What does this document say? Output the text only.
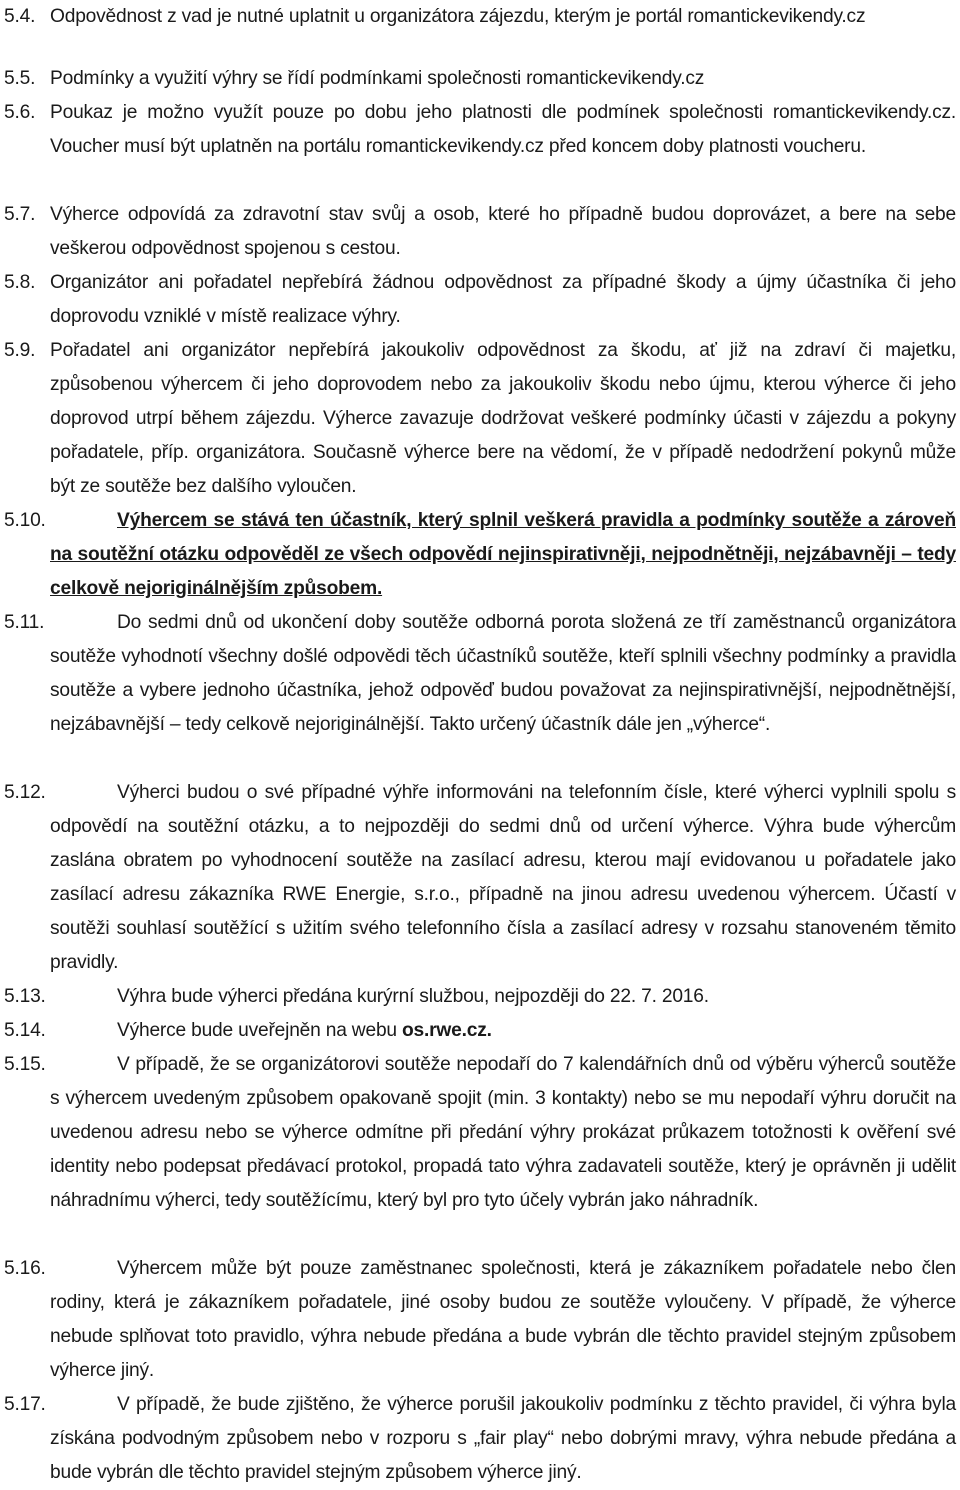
5.4. Odpovědnost z vad je nutné uplatnit u organizátora zájezdu, kterým je portál romantickevikendy.cz
5.5. Podmínky a využití výhry se řídí podmínkami společnosti romantickevikendy.cz
5.6. Poukaz je možno využít pouze po dobu jeho platnosti dle podmínek společnosti romantickevikendy.cz. Voucher musí být uplatněn na portálu romantickevikendy.cz před koncem doby platnosti voucheru.
5.7. Výherce odpovídá za zdravotní stav svůj a osob, které ho případně budou doprovázet, a bere na sebe veškerou odpovědnost spojenou s cestou.
5.8. Organizátor ani pořadatel nepřebírá žádnou odpovědnost za případné škody a újmy účastníka či jeho doprovodu vzniklé v místě realizace výhry.
5.9. Pořadatel ani organizátor nepřebírá jakoukoliv odpovědnost za škodu, ať již na zdraví či majetku, způsobenou výhercem či jeho doprovodem nebo za jakoukoliv škodu nebo újmu, kterou výherce či jeho doprovod utrpí během zájezdu. Výherce zavazuje dodržovat veškeré podmínky účasti v zájezdu a pokyny pořadatele, příp. organizátora. Současně výherce bere na vědomí, že v případě nedodržení pokynů může být ze soutěže bez dalšího vyloučen.
5.10.	Výhercem se stává ten účastník, který splnil veškerá pravidla a podmínky soutěže a zároveň na soutěžní otázku odpověděl ze všech odpovědí nejinspirativněji, nejpodnětněji, nejzábavněji – tedy celkově nejoriginálnějším způsobem.
5.11.	Do sedmi dnů od ukončení doby soutěže odborná porota složená ze tří zaměstnanců organizátora soutěže vyhodnotí všechny došlé odpovědi těch účastníků soutěže, kteří splnili všechny podmínky a pravidla soutěže a vybere jednoho účastníka, jehož odpověď budou považovat za nejinspirativnější, nejpodnětnější, nejzábavnější – tedy celkově nejoriginálnější. Takto určený účastník dále jen „výherce“.
5.12.	Výherci budou o své případné výhře informováni na telefonním čísle, které výherci vyplnili spolu s odpovědí na soutěžní otázku, a to nejpozději do sedmi dnů od určení výherce. Výhra bude výhercům zaslána obratem po vyhodnocení soutěže na zasílací adresu, kterou mají evidovanou u pořadatele jako zasílací adresu zákazníka RWE Energie, s.r.o., případně na jinou adresu uvedenou výhercem. Účastí v soutěži souhlasí soutěžící s užitím svého telefonního čísla a zasílací adresy v rozsahu stanoveném těmito pravidly.
5.13.	Výhra bude výherci předána kurýrní službou, nejpozději do 22. 7. 2016.
5.14.	Výherce bude uveřejněn na webu os.rwe.cz.
5.15.	V případě, že se organizátorovi soutěže nepodaří do 7 kalendářních dnů od výběru výherců soutěže s výhercem uvedeným způsobem opakovaně spojit (min. 3 kontakty) nebo se mu nepodaří výhru doručit na uvedenou adresu nebo se výherce odmítne při předání výhry prokázat průkazem totožnosti k ověření své identity nebo podepsat předávací protokol, propadá tato výhra zadavateli soutěže, který je oprávněn ji udělit náhradnímu výherci, tedy soutěžícímu, který byl pro tyto účely vybrán jako náhradník.
5.16.	Výhercem může být pouze zaměstnanec společnosti, která je zákazníkem pořadatele nebo člen rodiny, která je zákazníkem pořadatele, jiné osoby budou ze soutěže vyloučeny. V případě, že výherce nebude splňovat toto pravidlo, výhra nebude předána a bude vybrán dle těchto pravidel stejným způsobem výherce jiný.
5.17.	V případě, že bude zjištěno, že výherce porušil jakoukoliv podmínku z těchto pravidel, či výhra byla získána podvodným způsobem nebo v rozporu s „fair play“ nebo dobrými mravy, výhra nebude předána a bude vybrán dle těchto pravidel stejným způsobem výherce jiný.
